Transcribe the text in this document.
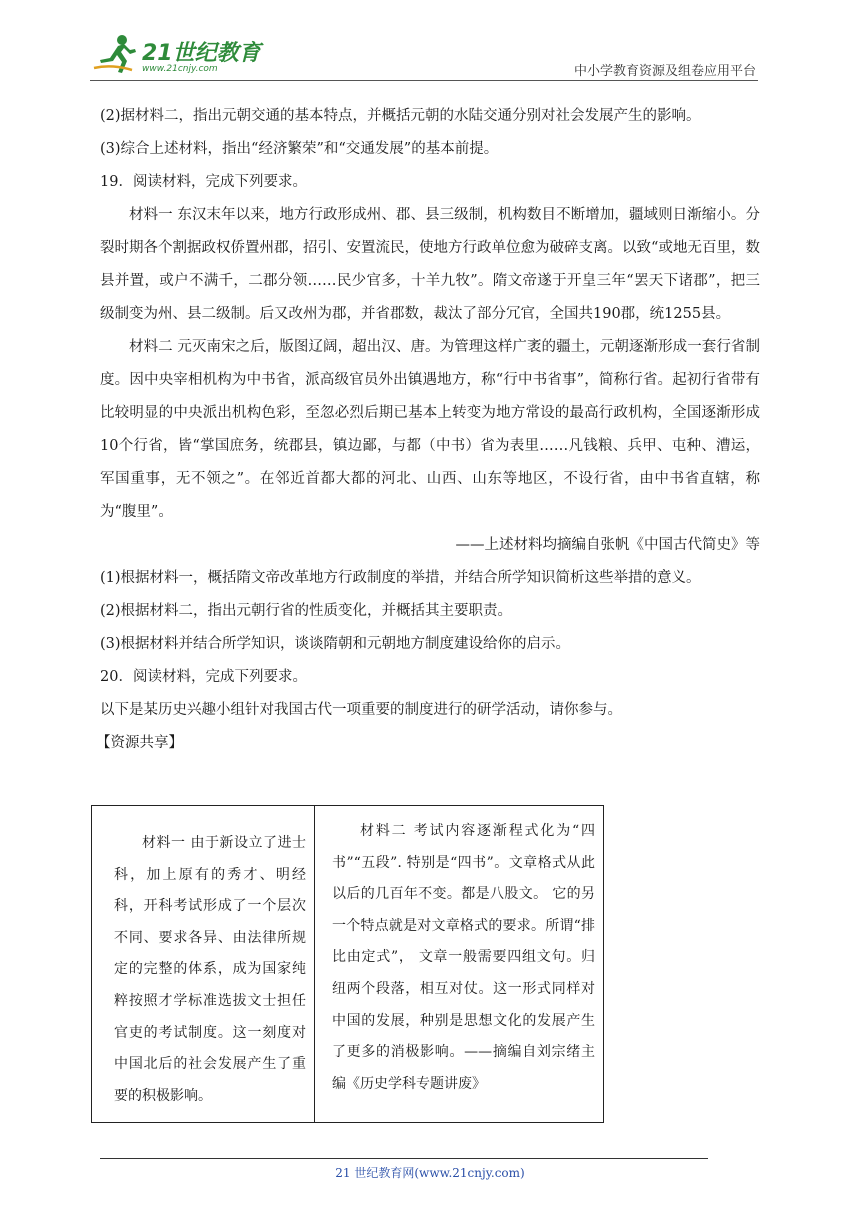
21世纪教育
www.21cnjy.com	中小学教育资源及组卷应用平台
(2)据材料二，指出元朝交通的基本特点，并概括元朝的水陆交通分别对社会发展产生的影响。
(3)综合上述材料，指出“经济繁荣”和“交通发展”的基本前提。
19．阅读材料，完成下列要求。
材料一 东汉末年以来，地方行政形成州、郡、县三级制，机构数目不断增加，疆域则日渐缩小。分裂时期各个割据政权侨置州郡，招引、安置流民，使地方行政单位愈为破碎支离。以致“或地无百里，数县并置，或户不满千，二郡分领……民少官多，十羊九牧”。隋文帝遂于开皇三年“罢天下诸郡”，把三级制变为州、县二级制。后又改州为郡，并省郡数，裁汰了部分冗官，全国共190郡，统1255县。
材料二 元灭南宋之后，版图辽阔，超出汉、唐。为管理这样广袤的疆土，元朝逐渐形成一套行省制度。因中央宰相机构为中书省，派高级官员外出镇遇地方，称“行中书省事”，简称行省。起初行省带有比较明显的中央派出机构色彩，至忽必烈后期已基本上转变为地方常设的最高行政机构，全国逐渐形成10个行省，皆“掌国庶务，统郡县，镇边鄙，与都（中书）省为表里……凡钱粮、兵甲、屯种、漕运，军国重事，无不领之”。在邻近首都大都的河北、山西、山东等地区，不设行省，由中书省直辖，称为“腹里”。
——上述材料均摘编自张帆《中国古代简史》等
(1)根据材料一，概括隋文帝改革地方行政制度的举措，并结合所学知识简析这些举措的意义。
(2)根据材料二，指出元朝行省的性质变化，并概括其主要职责。
(3)根据材料并结合所学知识，谈谈隋朝和元朝地方制度建设给你的启示。
20．阅读材料，完成下列要求。
以下是某历史兴趣小组针对我国古代一项重要的制度进行的研学活动，请你参与。
【资源共享】
材料一 由于新设立了进士科，加上原有的秀才、明经科，开科考试形成了一个层次不同、要求各异、由法律所规定的完整的体系，成为国家纯粹按照才学标准选拔文士担任官吏的考试制度。这一刻度对中国北后的社会发展产生了重要的积极影响。
材料二 考试内容逐渐程式化为“四书”“五段”. 特别是“四书”。文章格式从此以后的几百年不变。都是八股文。 它的另一个特点就是对文章格式的要求。所谓“排比由定式”， 文章一般需要四组文句。归纽两个段落，相互对仗。这一形式同样对中国的发展，种别是思想文化的发展产生了更多的消极影响。——摘编自刘宗绪主编《历史学科专题讲废》
21 世纪教育网(www.21cnjy.com)
